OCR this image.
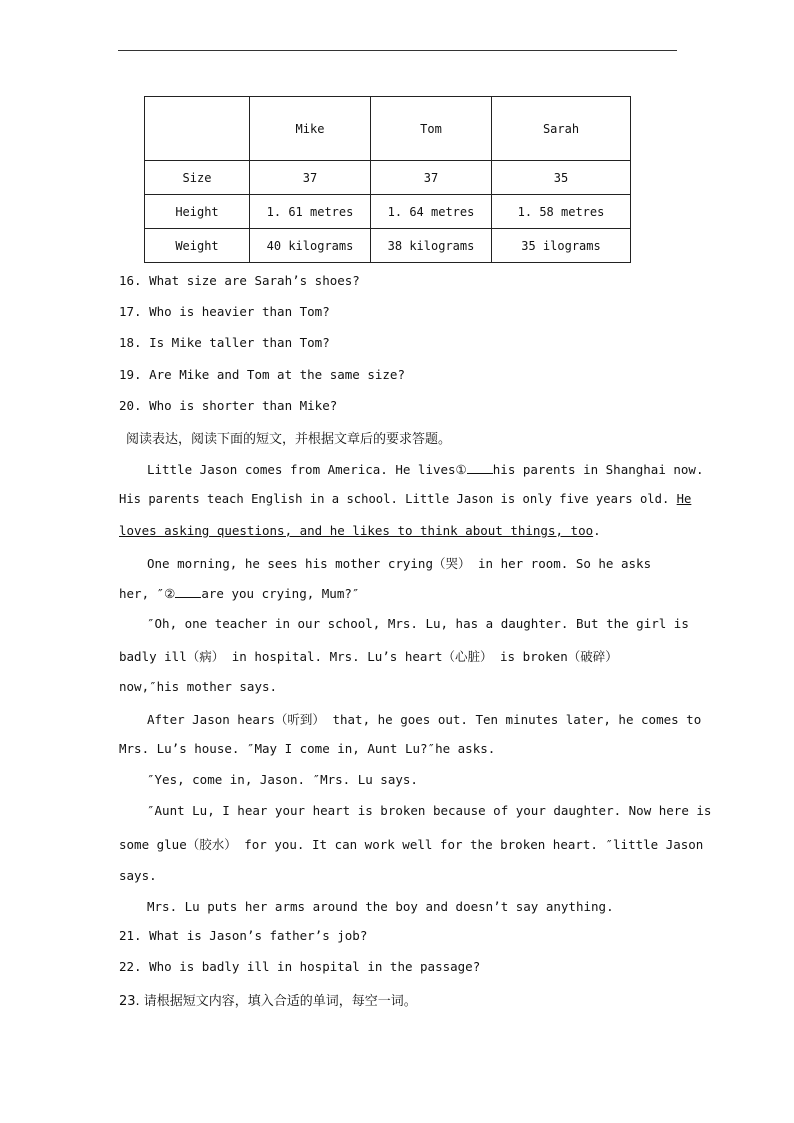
	Mike	Tom	Sarah
Size	37	37	35
Height	1. 61 metres	1. 64 metres	1. 58 metres
Weight	40 kilograms	38 kilograms	35 ilograms
16. What size are Sarah’s shoes?
17. Who is heavier than Tom?
18. Is Mike taller than Tom?
19. Are Mike and Tom at the same size?
20. Who is shorter than Mike?
阅读表达，阅读下面的短文，并根据文章后的要求答题。
Little Jason comes from America. He lives① his parents in Shanghai now.
His parents teach English in a school. Little Jason is only five years old. He
loves asking questions, and he likes to think about things, too.
One morning, he sees his mother crying（哭） in her room. So he asks
her, ″② are you crying, Mum?″
″Oh, one teacher in our school, Mrs. Lu, has a daughter. But the girl is
badly ill（病） in hospital. Mrs. Lu’s heart（心脏） is broken（破碎）
now,″his mother says.
After Jason hears（听到） that, he goes out. Ten minutes later, he comes to
Mrs. Lu’s house. ″May I come in, Aunt Lu?″he asks.
″Yes, come in, Jason. ″Mrs. Lu says.
″Aunt Lu, I hear your heart is broken because of your daughter. Now here is
some glue（胶水） for you. It can work well for the broken heart. ″little Jason
says.
Mrs. Lu puts her arms around the boy and doesn’t say anything.
21. What is Jason’s father’s job?
22. Who is badly ill in hospital in the passage?
23. 请根据短文内容，填入合适的单词，每空一词。
